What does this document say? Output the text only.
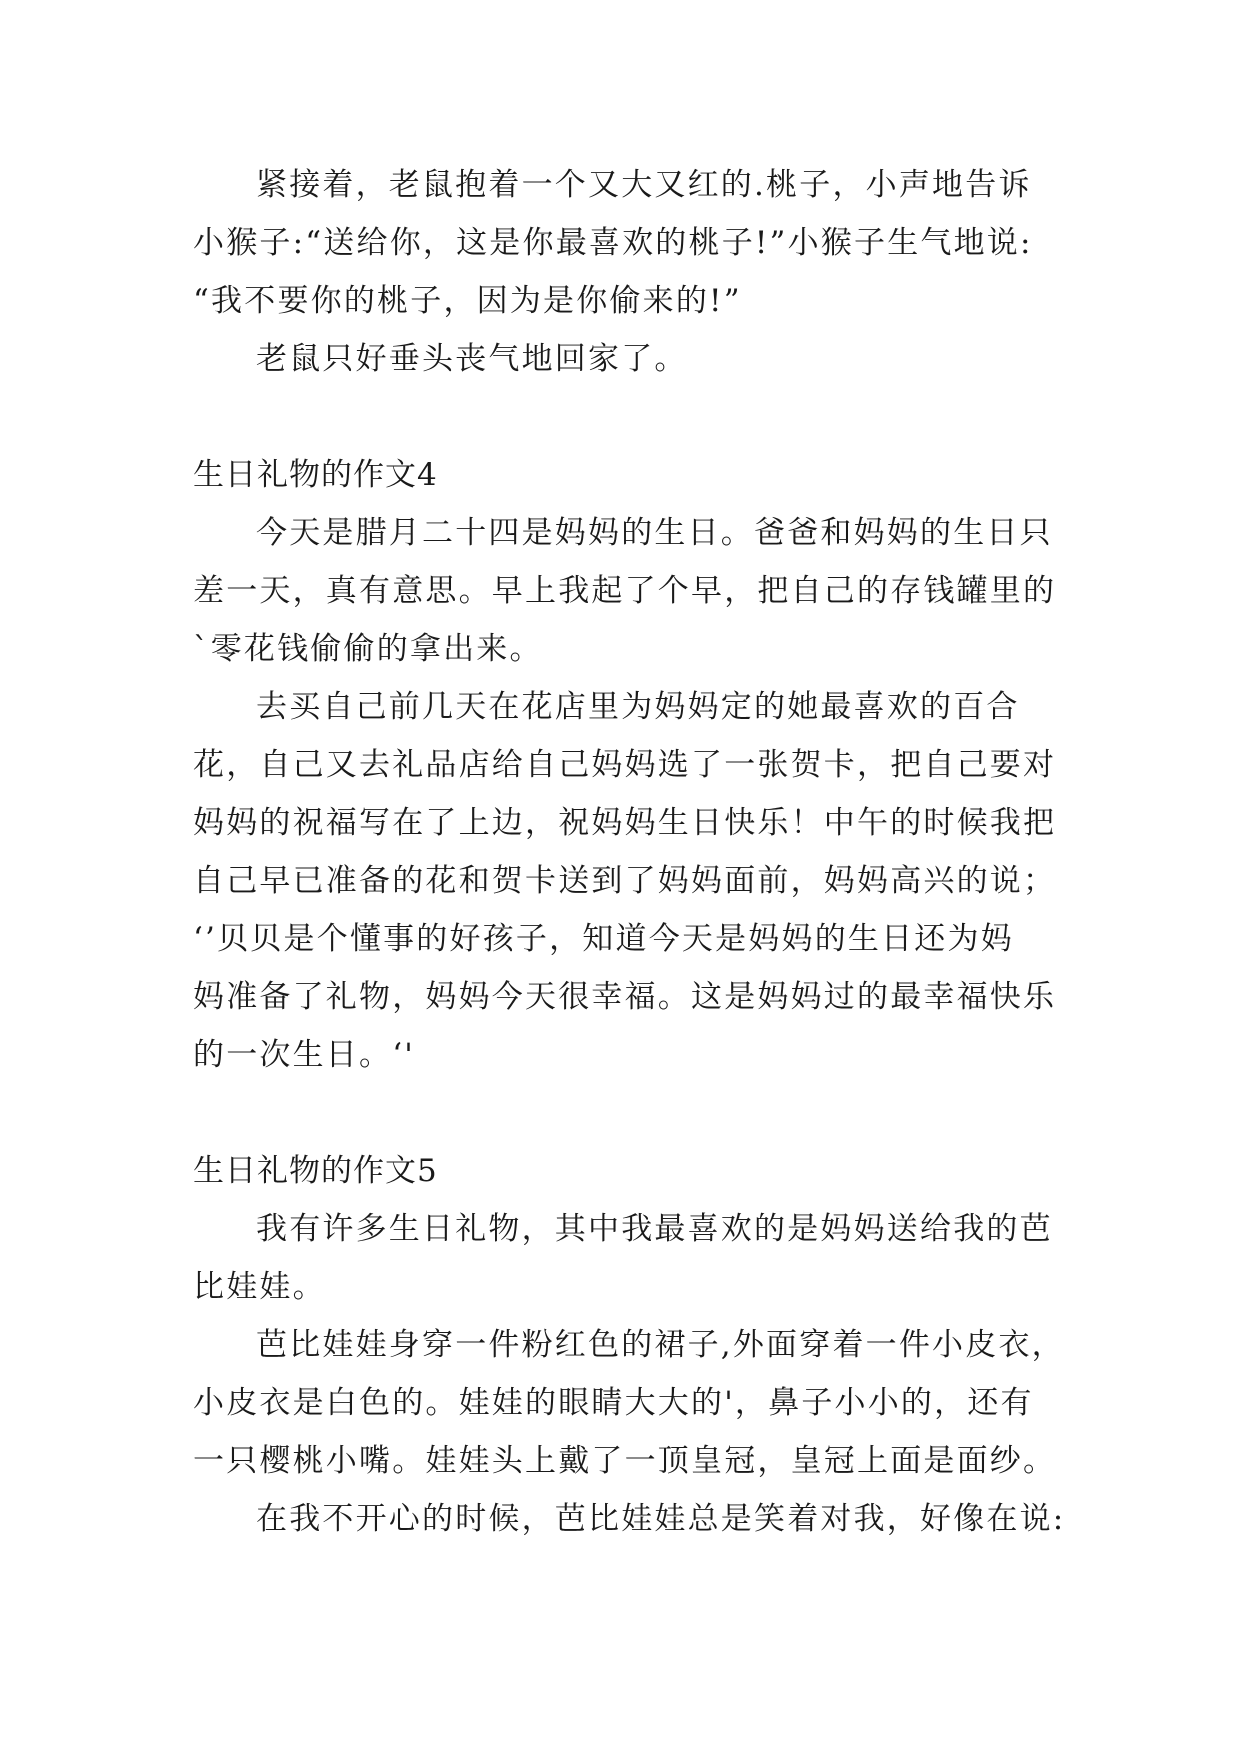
紧接着，老鼠抱着一个又大又红的.桃子，小声地告诉
小猴子:“送给你，这是你最喜欢的桃子!”小猴子生气地说:
“我不要你的桃子，因为是你偷来的!”
老鼠只好垂头丧气地回家了。
生日礼物的作文4
今天是腊月二十四是妈妈的生日。爸爸和妈妈的生日只
差一天，真有意思。早上我起了个早，把自己的存钱罐里的
`零花钱偷偷的拿出来。
去买自己前几天在花店里为妈妈定的她最喜欢的百合
花，自己又去礼品店给自己妈妈选了一张贺卡，把自己要对
妈妈的祝福写在了上边，祝妈妈生日快乐！中午的时候我把
自己早已准备的花和贺卡送到了妈妈面前，妈妈高兴的说；
‘’贝贝是个懂事的好孩子，知道今天是妈妈的生日还为妈
妈准备了礼物，妈妈今天很幸福。这是妈妈过的最幸福快乐
的一次生日。‘'
生日礼物的作文5
我有许多生日礼物，其中我最喜欢的是妈妈送给我的芭
比娃娃。
芭比娃娃身穿一件粉红色的裙子,外面穿着一件小皮衣，
小皮衣是白色的。娃娃的眼睛大大的'，鼻子小小的，还有
一只樱桃小嘴。娃娃头上戴了一顶皇冠，皇冠上面是面纱。
在我不开心的时候，芭比娃娃总是笑着对我，好像在说:
